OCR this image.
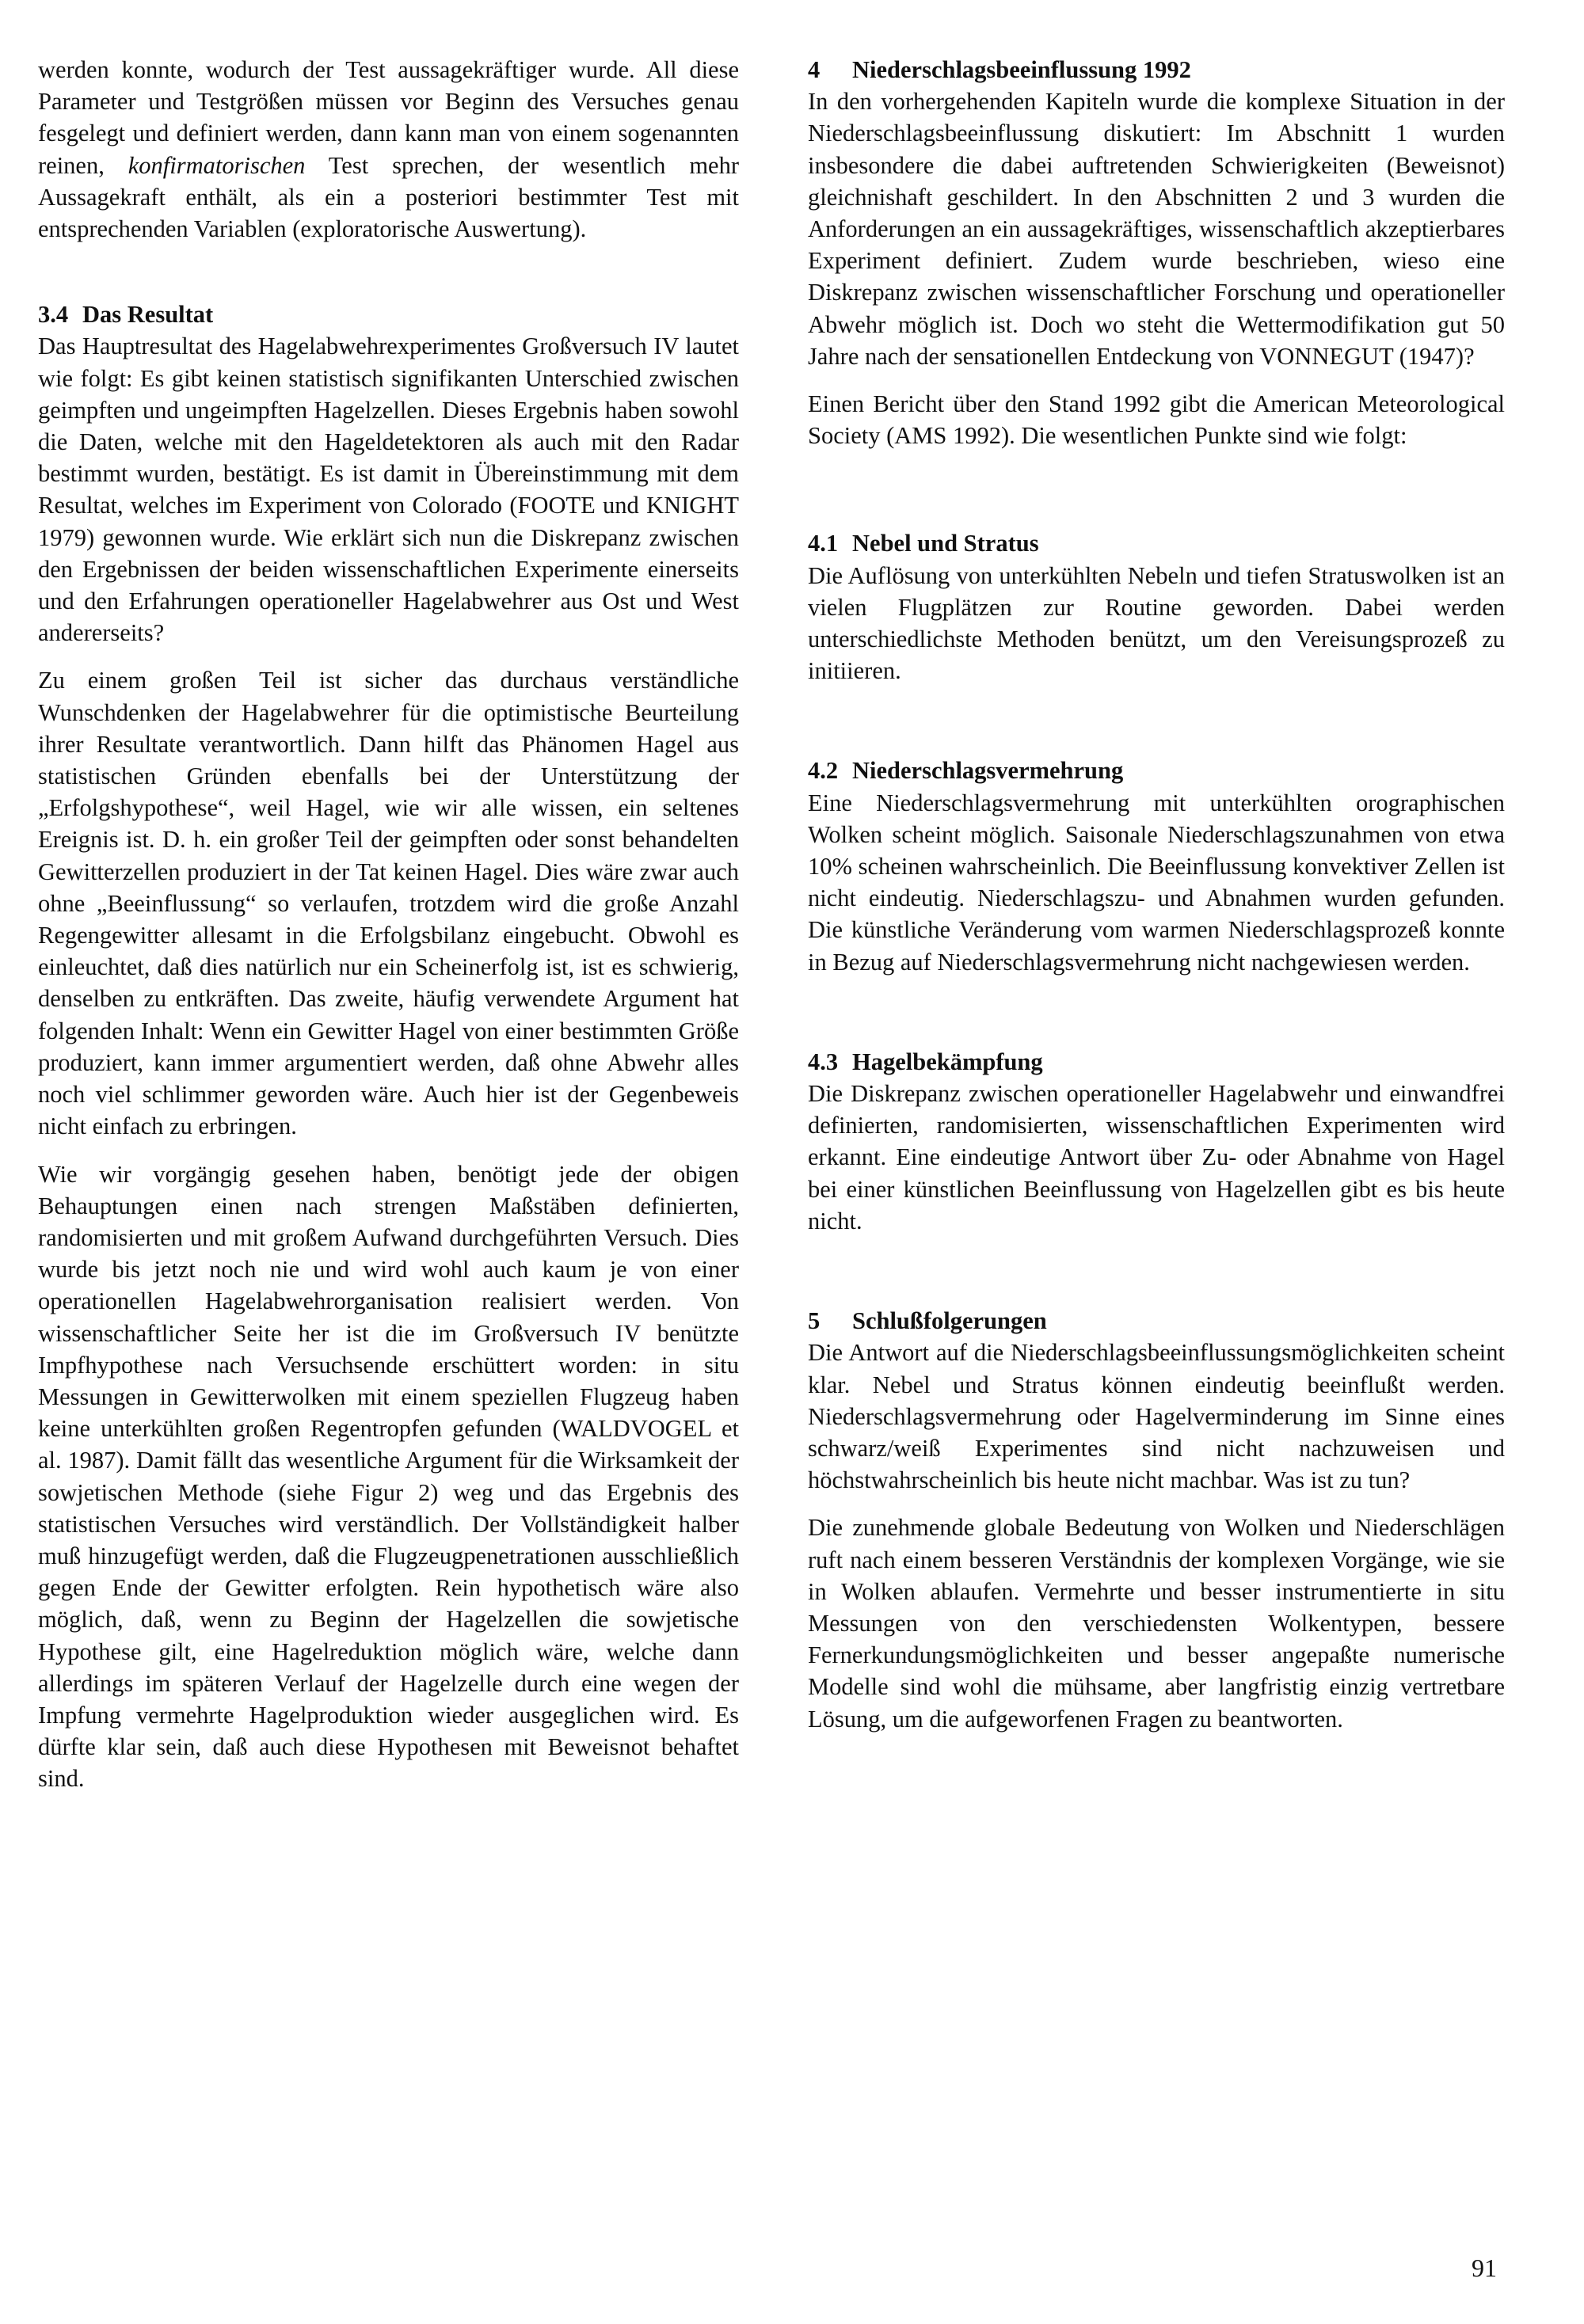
werden konnte, wodurch der Test aussagekräftiger wurde. All diese Parameter und Testgrößen müssen vor Beginn des Versuches genau fesgelegt und definiert werden, dann kann man von einem sogenannten reinen, konfirmatorischen Test sprechen, der wesentlich mehr Aussagekraft enthält, als ein a posteriori bestimmter Test mit entsprechenden Variablen (exploratorische Auswertung).

3.4 Das Resultat

Das Hauptresultat des Hagelabwehrexperimentes Großversuch IV lautet wie folgt: Es gibt keinen statistisch signifikanten Unterschied zwischen geimpften und ungeimpften Hagelzellen. Dieses Ergebnis haben sowohl die Daten, welche mit den Hageldetektoren als auch mit den Radar bestimmt wurden, bestätigt. Es ist damit in Übereinstimmung mit dem Resultat, welches im Experiment von Colorado (FOOTE und KNIGHT 1979) gewonnen wurde. Wie erklärt sich nun die Diskrepanz zwischen den Ergebnissen der beiden wissenschaftlichen Experimente einerseits und den Erfahrungen operationeller Hagelabwehrer aus Ost und West andererseits?

Zu einem großen Teil ist sicher das durchaus verständliche Wunschdenken der Hagelabwehrer für die optimistische Beurteilung ihrer Resultate verantwortlich. Dann hilft das Phänomen Hagel aus statistischen Gründen ebenfalls bei der Unterstützung der „Erfolgshypothese“, weil Hagel, wie wir alle wissen, ein seltenes Ereignis ist. D. h. ein großer Teil der geimpften oder sonst behandelten Gewitterzellen produziert in der Tat keinen Hagel. Dies wäre zwar auch ohne „Beeinflussung“ so verlaufen, trotzdem wird die große Anzahl Regengewitter allesamt in die Erfolgsbilanz eingebucht. Obwohl es einleuchtet, daß dies natürlich nur ein Scheinerfolg ist, ist es schwierig, denselben zu entkräften. Das zweite, häufig verwendete Argument hat folgenden Inhalt: Wenn ein Gewitter Hagel von einer bestimmten Größe produziert, kann immer argumentiert werden, daß ohne Abwehr alles noch viel schlimmer geworden wäre. Auch hier ist der Gegenbeweis nicht einfach zu erbringen.

Wie wir vorgängig gesehen haben, benötigt jede der obigen Behauptungen einen nach strengen Maßstäben definierten, randomisierten und mit großem Aufwand durchgeführten Versuch. Dies wurde bis jetzt noch nie und wird wohl auch kaum je von einer operationellen Hagelabwehrorganisation realisiert werden. Von wissenschaftlicher Seite her ist die im Großversuch IV benützte Impfhypothese nach Versuchsende erschüttert worden: in situ Messungen in Gewitterwolken mit einem speziellen Flugzeug haben keine unterkühlten großen Regentropfen gefunden (WALDVOGEL et al. 1987). Damit fällt das wesentliche Argument für die Wirksamkeit der sowjetischen Methode (siehe Figur 2) weg und das Ergebnis des statistischen Versuches wird verständlich. Der Vollständigkeit halber muß hinzugefügt werden, daß die Flugzeugpenetrationen ausschließlich gegen Ende der Gewitter erfolgten. Rein hypothetisch wäre also möglich, daß, wenn zu Beginn der Hagelzellen die sowjetische Hypothese gilt, eine Hagelreduktion möglich wäre, welche dann allerdings im späteren Verlauf der Hagelzelle durch eine wegen der Impfung vermehrte Hagelproduktion wieder ausgeglichen wird. Es dürfte klar sein, daß auch diese Hypothesen mit Beweisnot behaftet sind.

4 Niederschlagsbeeinflussung 1992

In den vorhergehenden Kapiteln wurde die komplexe Situation in der Niederschlagsbeeinflussung diskutiert: Im Abschnitt 1 wurden insbesondere die dabei auftretenden Schwierigkeiten (Beweisnot) gleichnishaft geschildert. In den Abschnitten 2 und 3 wurden die Anforderungen an ein aussagekräftiges, wissenschaftlich akzeptierbares Experiment definiert. Zudem wurde beschrieben, wieso eine Diskrepanz zwischen wissenschaftlicher Forschung und operationeller Abwehr möglich ist. Doch wo steht die Wettermodifikation gut 50 Jahre nach der sensationellen Entdeckung von VONNEGUT (1947)?

Einen Bericht über den Stand 1992 gibt die American Meteorological Society (AMS 1992). Die wesentlichen Punkte sind wie folgt:

4.1 Nebel und Stratus

Die Auflösung von unterkühlten Nebeln und tiefen Stratuswolken ist an vielen Flugplätzen zur Routine geworden. Dabei werden unterschiedlichste Methoden benützt, um den Vereisungsprozeß zu initiieren.

4.2 Niederschlagsvermehrung

Eine Niederschlagsvermehrung mit unterkühlten orographischen Wolken scheint möglich. Saisonale Niederschlagszunahmen von etwa 10% scheinen wahrscheinlich. Die Beeinflussung konvektiver Zellen ist nicht eindeutig. Niederschlagszu- und Abnahmen wurden gefunden. Die künstliche Veränderung vom warmen Niederschlagsprozeß konnte in Bezug auf Niederschlagsvermehrung nicht nachgewiesen werden.

4.3 Hagelbekämpfung

Die Diskrepanz zwischen operationeller Hagelabwehr und einwandfrei definierten, randomisierten, wissenschaftlichen Experimenten wird erkannt. Eine eindeutige Antwort über Zu- oder Abnahme von Hagel bei einer künstlichen Beeinflussung von Hagelzellen gibt es bis heute nicht.

5 Schlußfolgerungen

Die Antwort auf die Niederschlagsbeeinflussungsmöglichkeiten scheint klar. Nebel und Stratus können eindeutig beeinflußt werden. Niederschlagsvermehrung oder Hagelverminderung im Sinne eines schwarz/weiß Experimentes sind nicht nachzuweisen und höchstwahrscheinlich bis heute nicht machbar. Was ist zu tun?

Die zunehmende globale Bedeutung von Wolken und Niederschlägen ruft nach einem besseren Verständnis der komplexen Vorgänge, wie sie in Wolken ablaufen. Vermehrte und besser instrumentierte in situ Messungen von den verschiedensten Wolkentypen, bessere Fernerkundungsmöglichkeiten und besser angepaßte numerische Modelle sind wohl die mühsame, aber langfristig einzig vertretbare Lösung, um die aufgeworfenen Fragen zu beantworten.

91
